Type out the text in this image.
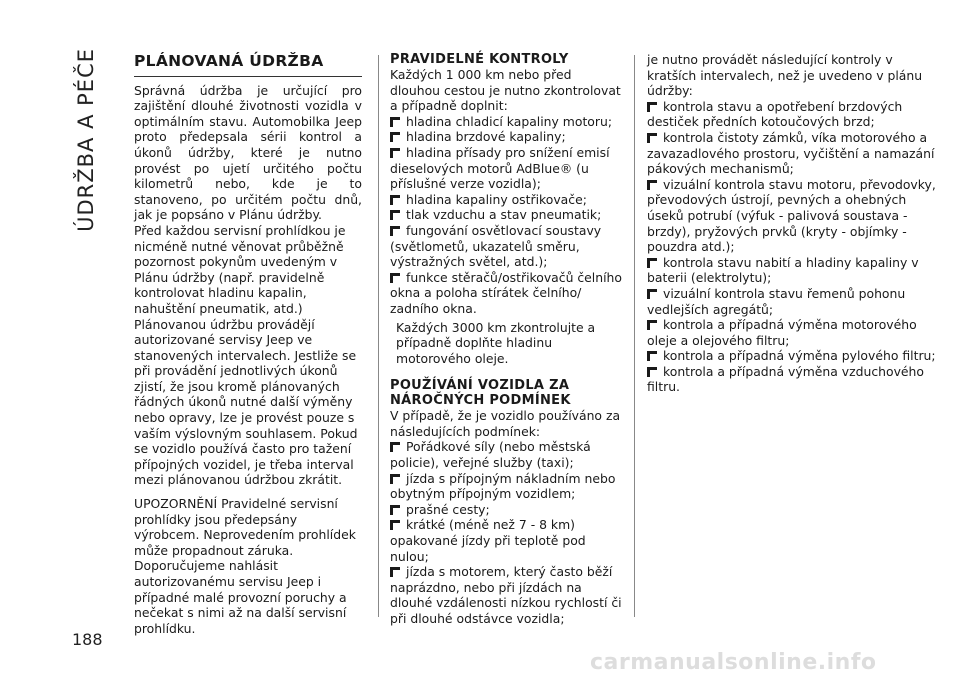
ÚDRŽBA A PÉČE
188
PLÁNOVANÁ ÚDRŽBA

Správná údržba je určující pro zajištění dlouhé životnosti vozidla v optimálním stavu. Automobilka Jeep proto předepsala sérii kontrol a úkonů údržby, které je nutno provést po ujetí určitého počtu kilometrů nebo, kde je to stanoveno, po určitém počtu dnů, jak je popsáno v Plánu údržby.

Před každou servisní prohlídkou je nicméně nutné věnovat průběžně pozornost pokynům uvedeným v Plánu údržby (např. pravidelně kontrolovat hladinu kapalin, nahuštění pneumatik, atd.)

Plánovanou údržbu provádějí autorizované servisy Jeep ve stanovených intervalech. Jestliže se při provádění jednotlivých úkonů zjistí, že jsou kromě plánovaných řádných úkonů nutné další výměny nebo opravy, lze je provést pouze s vaším výslovným souhlasem. Pokud se vozidlo používá často pro tažení přípojných vozidel, je třeba interval mezi plánovanou údržbou zkrátit.

UPOZORNĚNÍ Pravidelné servisní prohlídky jsou předepsány výrobcem. Neprovedením prohlídek může propadnout záruka. Doporučujeme nahlásit autorizovanému servisu Jeep i případné malé provozní poruchy a nečekat s nimi až na další servisní prohlídku.

PRAVIDELNÉ KONTROLY

Každých 1 000 km nebo před dlouhou cestou je nutno zkontrolovat a případně doplnit:

hladina chladicí kapaliny motoru;
hladina brzdové kapaliny;
hladina přísady pro snížení emisí dieselových motorů AdBlue® (u příslušné verze vozidla);
hladina kapaliny ostřikovače;
tlak vzduchu a stav pneumatik;
fungování osvětlovací soustavy (světlometů, ukazatelů směru, výstražných světel, atd.);
funkce stěračů/ostřikovačů čelního okna a poloha stírátek čelního/ zadního okna.

Každých 3000 km zkontrolujte a případně doplňte hladinu motorového oleje.

POUŽÍVÁNÍ VOZIDLA ZA NÁROČNÝCH PODMÍNEK

V případě, že je vozidlo používáno za následujících podmínek:

Pořádkové síly (nebo městská policie), veřejné služby (taxi);
jízda s přípojným nákladním nebo obytným přípojným vozidlem;
prašné cesty;
krátké (méně než 7 - 8 km) opakované jízdy při teplotě pod nulou;
jízda s motorem, který často běží naprázdno, nebo při jízdách na dlouhé vzdálenosti nízkou rychlostí či při dlouhé odstávce vozidla;

je nutno provádět následující kontroly v kratších intervalech, než je uvedeno v plánu údržby:

kontrola stavu a opotřebení brzdových destiček předních kotoučových brzd;
kontrola čistoty zámků, víka motorového a zavazadlového prostoru, vyčištění a namazání pákových mechanismů;
vizuální kontrola stavu motoru, převodovky, převodových ústrojí, pevných a ohebných úseků potrubí (výfuk - palivová soustava - brzdy), pryžových prvků (kryty - objímky - pouzdra atd.);
kontrola stavu nabití a hladiny kapaliny v baterii (elektrolytu);
vizuální kontrola stavu řemenů pohonu vedlejších agregátů;
kontrola a případná výměna motorového oleje a olejového filtru;
kontrola a případná výměna pylového filtru;
kontrola a případná výměna vzduchového filtru.
carmanualsonline.info
